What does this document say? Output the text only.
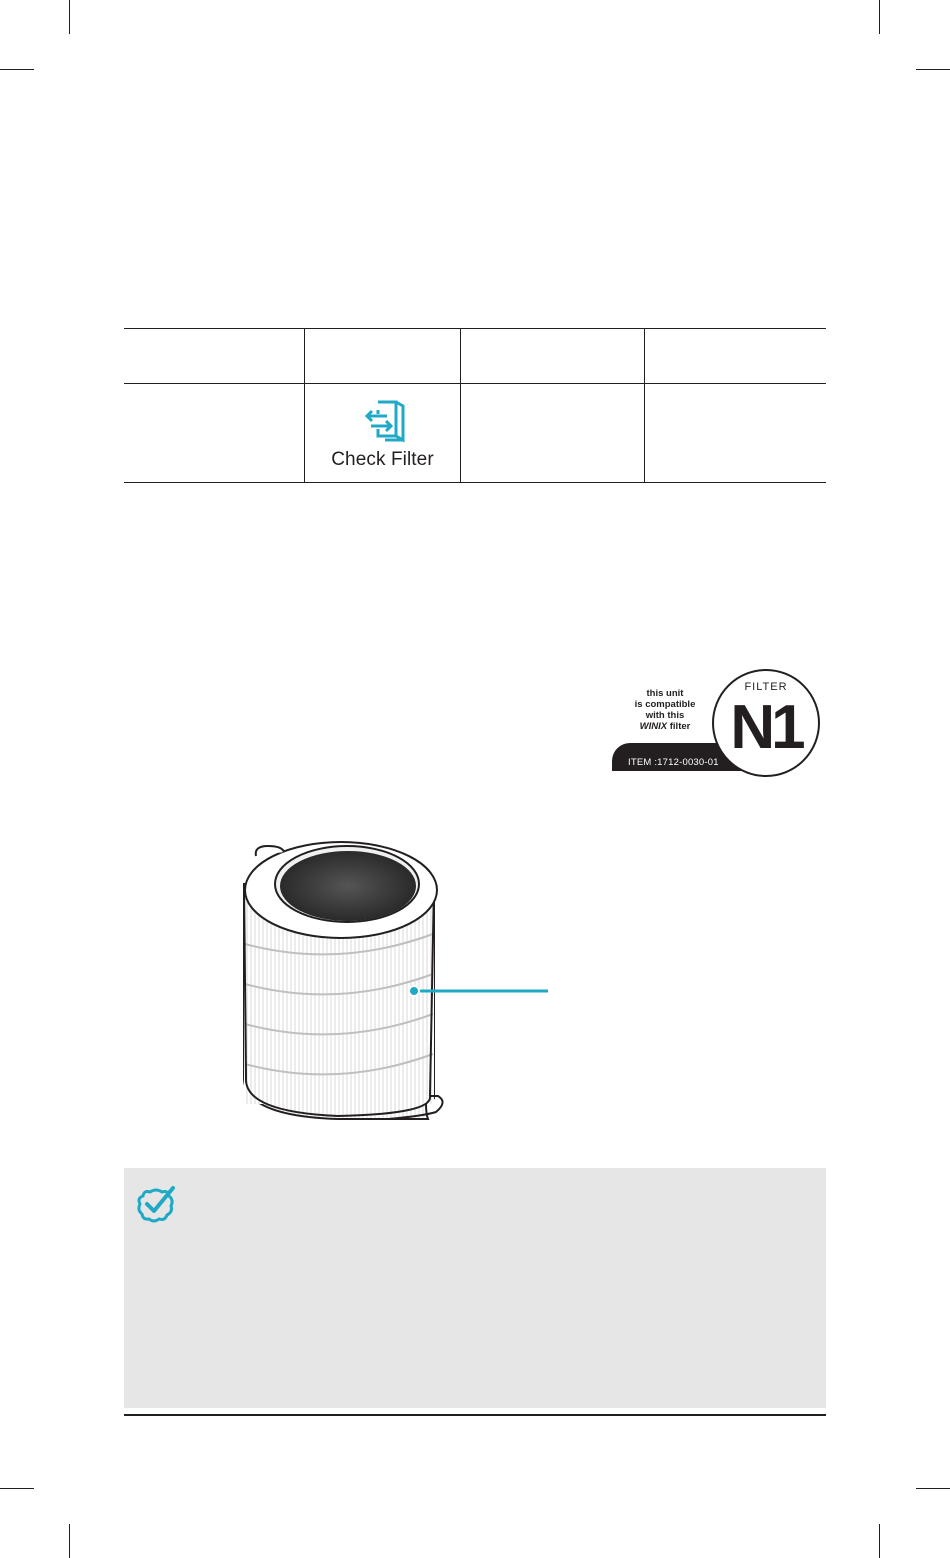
Check Filter
ITEM :1712-0030-01
this unit
is compatible
with this
WINIX filter
FILTER
N1
